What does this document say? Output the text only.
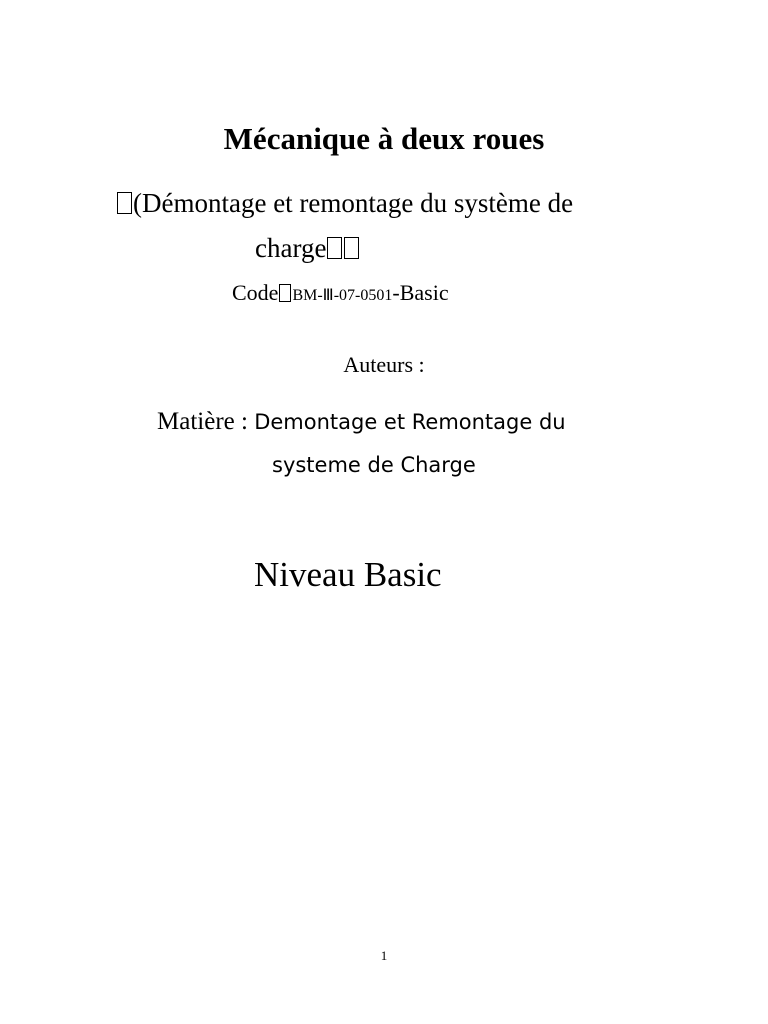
Mécanique à deux roues
(Démontage et remontage du système de
charge
Code BM-Ⅲ-07-0501-Basic
Auteurs :
Matière : Demontage et Remontage du
systeme de Charge
Niveau Basic
1
